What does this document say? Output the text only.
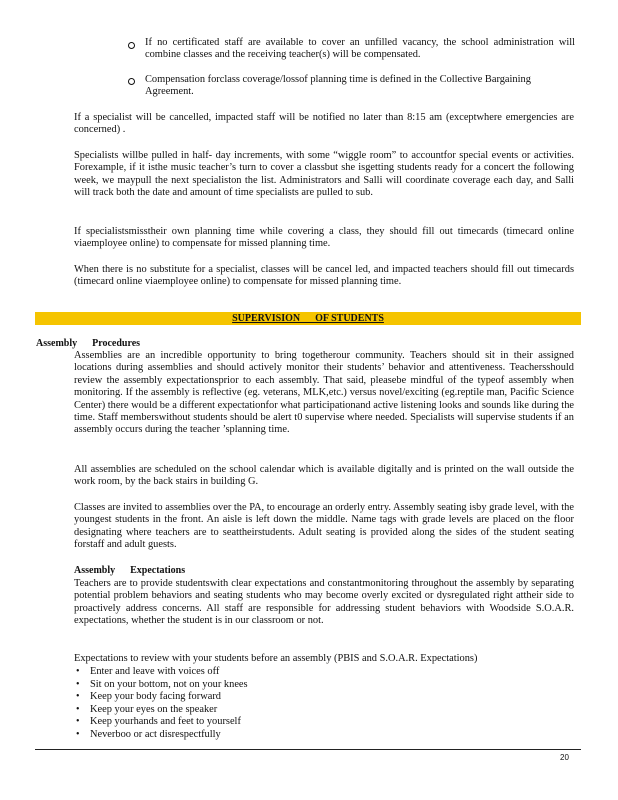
If no certificated staff are available to cover an unfilled vacancy, the school administration will combine classes and the receiving teacher(s) will be compensated.
Compensation forclass coverage/lossof planning time is defined in the Collective Bargaining Agreement.
If a specialist will be cancelled, impacted staff will be notified no later than 8:15 am (exceptwhere emergencies are concerned) .
Specialists willbe pulled in half- day increments, with some “wiggle room” to accountfor special events or activities. Forexample, if it isthe music teacher’s turn to cover a classbut she isgetting students ready for a concert the following week, we maypull the next specialiston the list. Administrators and Salli will coordinate coverage each day, and Salli will track both the date and amount of time specialists are pulled to sub.
If specialistsmisstheir own planning time while covering a class, they should fill out timecards (timecard online viaemployee online) to compensate for missed planning time.
When there is no substitute for a specialist, classes will be cancel led, and impacted teachers should fill out timecards (timecard online viaemployee online) to compensate for missed planning time.
SUPERVISION      OF STUDENTS
Assembly      Procedures
Assemblies are an incredible opportunity to bring togetherour community. Teachers should sit in their assigned locations during assemblies and should actively monitor their students’ behavior and attentiveness. Teachersshould review the assembly expectationsprior to each assembly. That said, pleasebe mindful of the typeof assembly when monitoring. If the assembly is reflective (eg. veterans, MLK,etc.) versus novel/exciting (eg.reptile man, Pacific Science Center) there would be a different expectationfor what participationand active listening looks and sounds like during the time. Staff memberswithout students should be alert t0 supervise where needed. Specialists will supervise students if an assembly occurs during the teacher ’splanning time.
All assemblies are scheduled on the school calendar which is available digitally and is printed on the wall outside the work room, by the back stairs in building G.
Classes are invited to assemblies over the PA, to encourage an orderly entry. Assembly seating isby grade level, with the youngest students in the front. An aisle is left down the middle. Name tags with grade levels are placed on the floor designating where teachers are to seattheirstudents. Adult seating is provided along the sides of the student seating forstaff and adult guests.
Assembly      Expectations
Teachers are to provide studentswith clear expectations and constantmonitoring throughout the assembly by separating potential problem behaviors and seating students who may become overly excited or dysregulated right attheir side to proactively address concerns. All staff are responsible for addressing student behaviors with Woodside S.O.A.R. expectations, whether the student is in our classroom or not.
Expectations to review with your students before an assembly (PBIS and S.O.A.R. Expectations)
• Enter and leave with voices off
• Sit on your bottom, not on your knees
• Keep your body facing forward
• Keep your eyes on the speaker
• Keep yourhands and feet to yourself
• Neverboo or act disrespectfully
20
